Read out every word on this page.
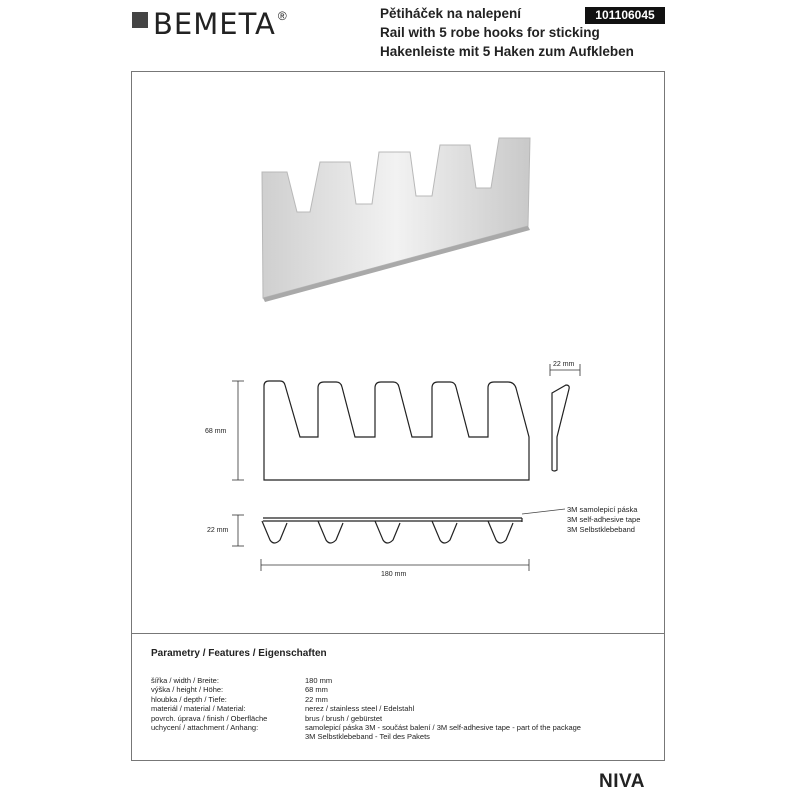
BEMETA ®	Pětiháček na nalepení
Rail with 5 robe hooks for sticking
Hakenleiste mit 5 Haken zum Aufkleben
101106045
68 mm
22 mm
180 mm
22 mm
3M samolepicí páska
3M self-adhesive tape
3M Selbstklebeband
Parametry / Features / Eigenschaften
šířka / width / Breite:	180 mm
výška / height / Höhe:	68 mm
hloubka / depth / Tiefe:	22 mm
materiál / material / Material:	nerez / stainless steel / Edelstahl
povrch. úprava / finish / Oberfläche	brus / brush / gebürstet
uchycení / attachment / Anhang:	samolepicí páska 3M - součást balení / 3M self-adhesive tape - part of the package
3M Selbstklebeband - Teil des Pakets
NIVA
